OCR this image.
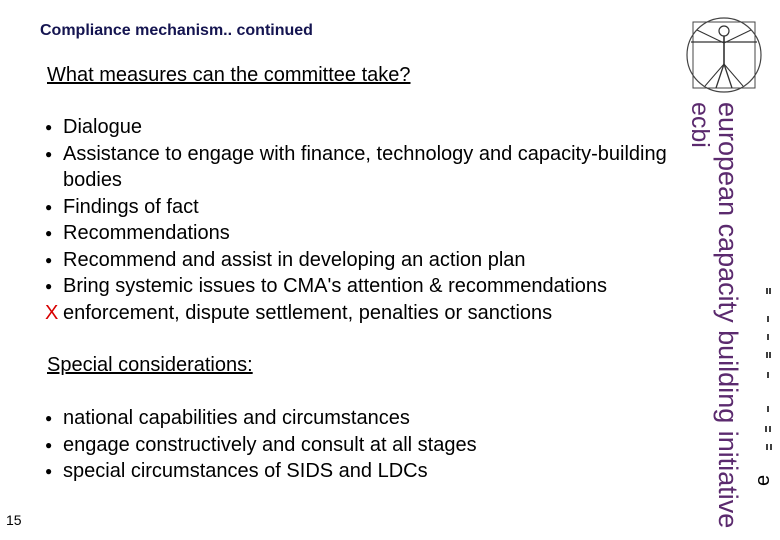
Compliance mechanism.. continued
european capacity building initiative
ecbi
e
What measures can the committee take?
● Dialogue
● Assistance to engage with finance, technology and capacity-building bodies
● Findings of fact
● Recommendations
● Recommend and assist in developing an action plan
● Bring systemic issues to CMA's attention & recommendations
X enforcement, dispute settlement, penalties or sanctions
Special considerations:
● national capabilities and circumstances
● engage constructively and consult at all stages
● special circumstances of SIDS and LDCs
15
